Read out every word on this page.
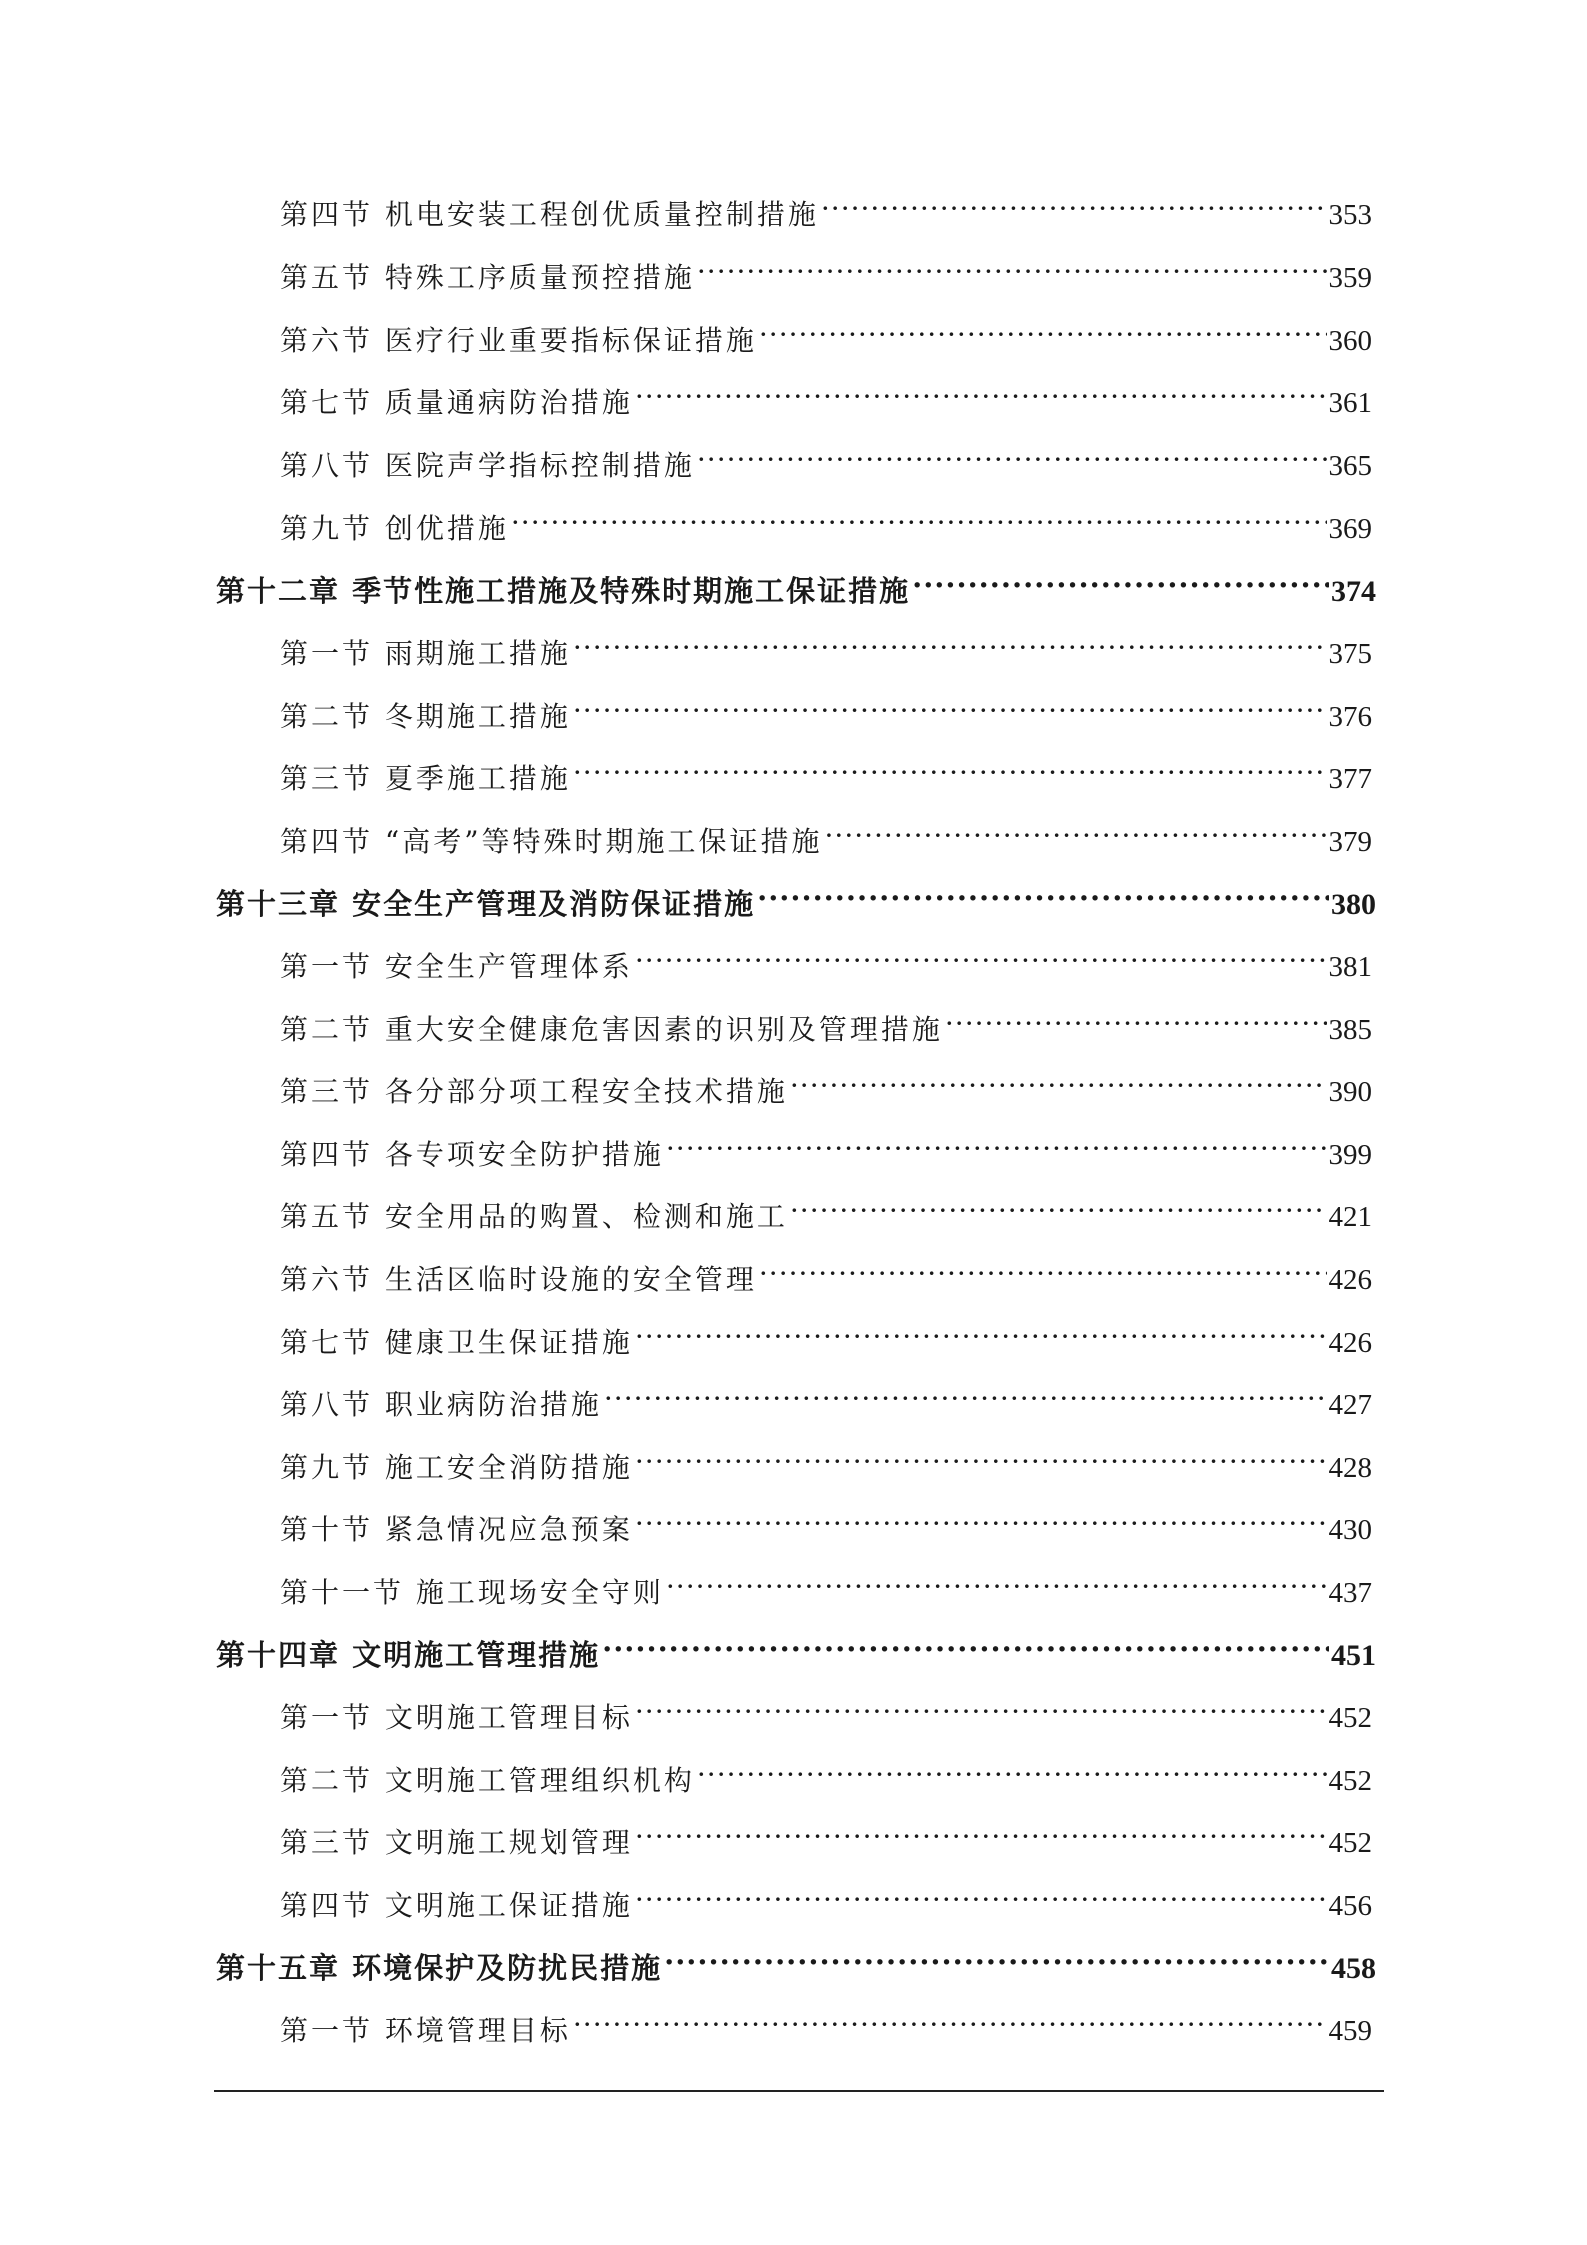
第四节 机电安装工程创优质量控制措施 ·····	353
第五节 特殊工序质量预控措施 ·····	359
第六节 医疗行业重要指标保证措施 ·····	360
第七节 质量通病防治措施 ·····	361
第八节 医院声学指标控制措施 ·····	365
第九节 创优措施 ·····	369
第十二章 季节性施工措施及特殊时期施工保证措施 ·····	374
第一节 雨期施工措施 ·····	375
第二节 冬期施工措施 ·····	376
第三节 夏季施工措施 ·····	377
第四节 “高考”等特殊时期施工保证措施 ·····	379
第十三章 安全生产管理及消防保证措施 ·····	380
第一节 安全生产管理体系 ·····	381
第二节 重大安全健康危害因素的识别及管理措施 ·····	385
第三节 各分部分项工程安全技术措施 ·····	390
第四节 各专项安全防护措施 ·····	399
第五节 安全用品的购置、检测和施工 ·····	421
第六节 生活区临时设施的安全管理 ·····	426
第七节 健康卫生保证措施 ·····	426
第八节 职业病防治措施 ·····	427
第九节 施工安全消防措施 ·····	428
第十节 紧急情况应急预案 ·····	430
第十一节 施工现场安全守则 ·····	437
第十四章 文明施工管理措施 ·····	451
第一节 文明施工管理目标 ·····	452
第二节 文明施工管理组织机构 ·····	452
第三节 文明施工规划管理 ·····	452
第四节 文明施工保证措施 ·····	456
第十五章 环境保护及防扰民措施 ·····	458
第一节 环境管理目标 ·····	459
